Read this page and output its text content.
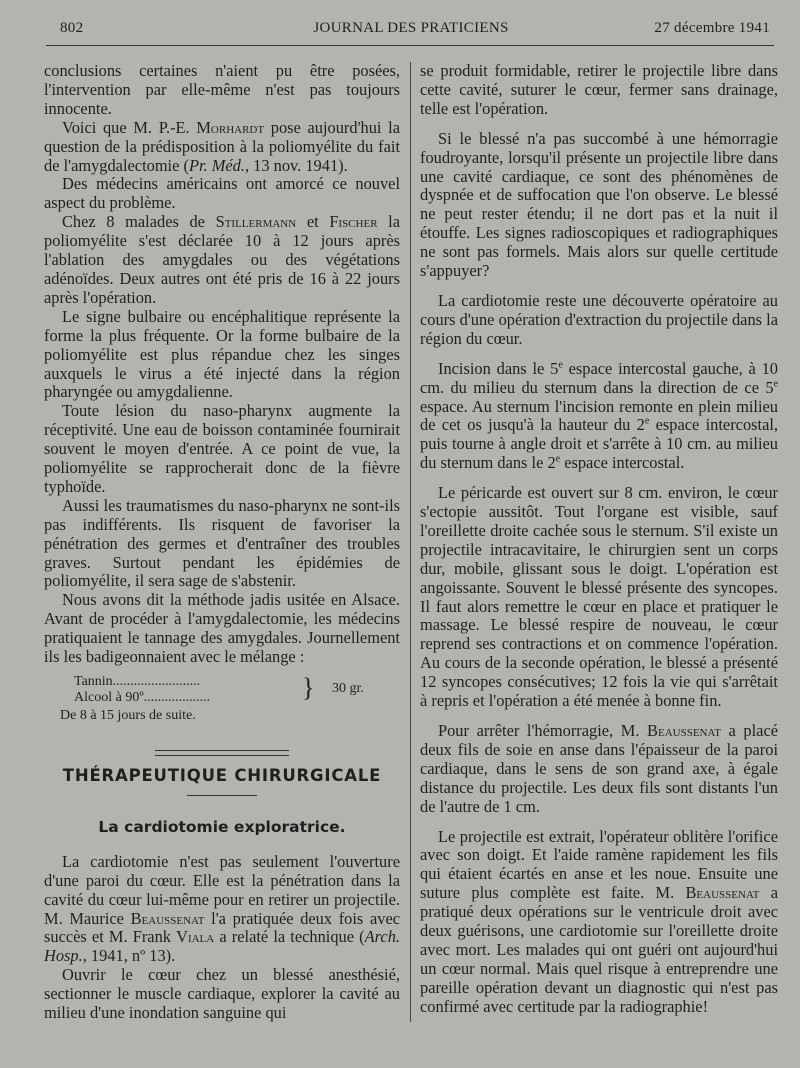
802	JOURNAL DES PRATICIENS	27 décembre 1941

conclusions certaines n'aient pu être posées, l'intervention par elle-même n'est pas toujours innocente.

Voici que M. P.-E. Morhardt pose aujourd'hui la question de la prédisposition à la poliomyélite du fait de l'amygdalectomie (Pr. Méd., 13 nov. 1941).

Des médecins américains ont amorcé ce nouvel aspect du problème.

Chez 8 malades de Stillermann et Fischer la poliomyélite s'est déclarée 10 à 12 jours après l'ablation des amygdales ou des végétations adénoïdes. Deux autres ont été pris de 16 à 22 jours après l'opération.

Le signe bulbaire ou encéphalitique représente la forme la plus fréquente. Or la forme bulbaire de la poliomyélite est plus répandue chez les singes auxquels le virus a été injecté dans la région pharyngée ou amygdalienne.

Toute lésion du naso-pharynx augmente la réceptivité. Une eau de boisson contaminée fournirait souvent le moyen d'entrée. A ce point de vue, la poliomyélite se rapprocherait donc de la fièvre typhoïde.

Aussi les traumatismes du naso-pharynx ne sont-ils pas indifférents. Ils risquent de favoriser la pénétration des germes et d'entraîner des troubles graves. Surtout pendant les épidémies de poliomyélite, il sera sage de s'abstenir.

Nous avons dit la méthode jadis usitée en Alsace. Avant de procéder à l'amygdalectomie, les médecins pratiquaient le tannage des amygdales. Journellement ils les badigeonnaient avec le mélange :

Tannin.........................
Alcool à 90º...................	} 30 gr.
De 8 à 15 jours de suite.
THÉRAPEUTIQUE CHIRURGICALE
La cardiotomie exploratrice.

La cardiotomie n'est pas seulement l'ouverture d'une paroi du cœur. Elle est la pénétration dans la cavité du cœur lui-même pour en retirer un projectile. M. Maurice Beaussenat l'a pratiquée deux fois avec succès et M. Frank Viala a relaté la technique (Arch. Hosp., 1941, nº 13).

Ouvrir le cœur chez un blessé anesthésié, sectionner le muscle cardiaque, explorer la cavité au milieu d'une inondation sanguine qui

se produit formidable, retirer le projectile libre dans cette cavité, suturer le cœur, fermer sans drainage, telle est l'opération.

Si le blessé n'a pas succombé à une hémorragie foudroyante, lorsqu'il présente un projectile libre dans une cavité cardiaque, ce sont des phénomènes de dyspnée et de suffocation que l'on observe. Le blessé ne peut rester étendu; il ne dort pas et la nuit il étouffe. Les signes radioscopiques et radiographiques ne sont pas formels. Mais alors sur quelle certitude s'appuyer?

La cardiotomie reste une découverte opératoire au cours d'une opération d'extraction du projectile dans la région du cœur.

Incision dans le 5e espace intercostal gauche, à 10 cm. du milieu du sternum dans la direction de ce 5e espace. Au sternum l'incision remonte en plein milieu de cet os jusqu'à la hauteur du 2e espace intercostal, puis tourne à angle droit et s'arrête à 10 cm. au milieu du sternum dans le 2e espace intercostal.

Le péricarde est ouvert sur 8 cm. environ, le cœur s'ectopie aussitôt. Tout l'organe est visible, sauf l'oreillette droite cachée sous le sternum. S'il existe un projectile intracavitaire, le chirurgien sent un corps dur, mobile, glissant sous le doigt. L'opération est angoissante. Souvent le blessé présente des syncopes. Il faut alors remettre le cœur en place et pratiquer le massage. Le blessé respire de nouveau, le cœur reprend ses contractions et on commence l'opération. Au cours de la seconde opération, le blessé a présenté 12 syncopes consécutives; 12 fois la vie qui s'arrêtait à repris et l'opération a été menée à bonne fin.

Pour arrêter l'hémorragie, M. Beaussenat a placé deux fils de soie en anse dans l'épaisseur de la paroi cardiaque, dans le sens de son grand axe, à égale distance du projectile. Les deux fils sont distants l'un de l'autre de 1 cm.

Le projectile est extrait, l'opérateur oblitère l'orifice avec son doigt. Et l'aide ramène rapidement les fils qui étaient écartés en anse et les noue. Ensuite une suture plus complète est faite. M. Beaussenat a pratiqué deux opérations sur le ventricule droit avec deux guérisons, une cardiotomie sur l'oreillette droite avec mort. Les malades qui ont guéri ont aujourd'hui un cœur normal. Mais quel risque à entreprendre une pareille opération devant un diagnostic qui n'est pas confirmé avec certitude par la radiographie!
